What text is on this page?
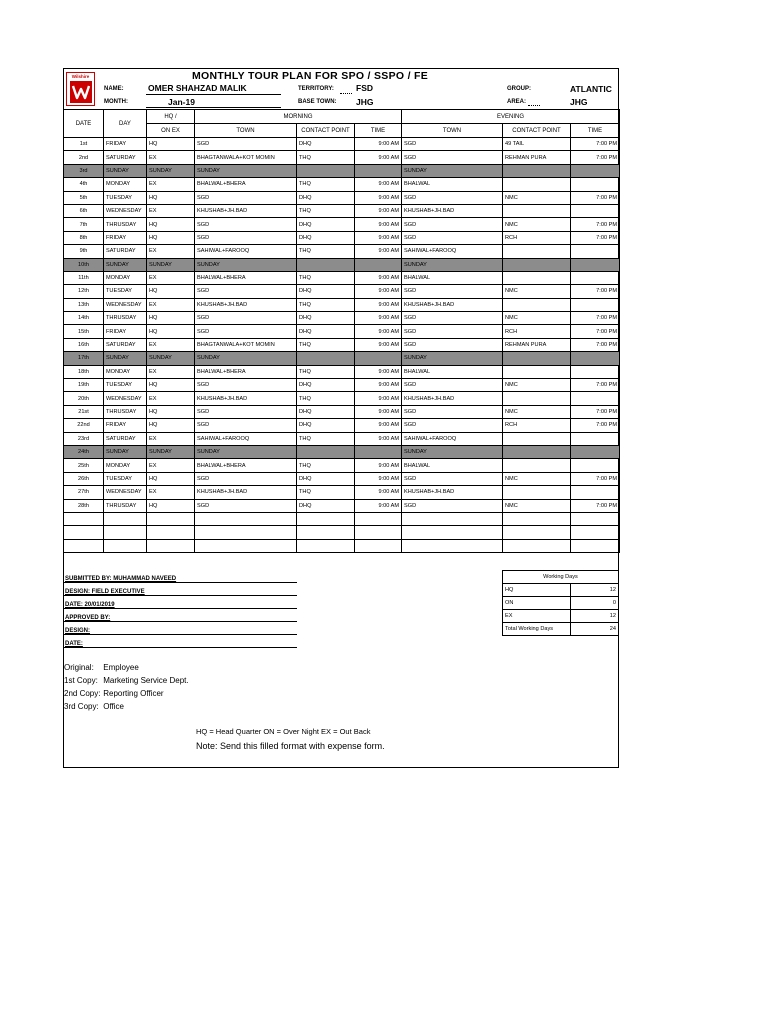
Wilshire	MONTHLY TOUR PLAN FOR SPO / SSPO / FE
NAME:	OMER SHAHZAD MALIK
MONTH:	Jan-19
TERRITORY:	FSD
BASE TOWN: JHG
GROUP:	ATLANTIC
AREA:	JHG
DATE	DAY	HQ /	MORNING			EVENING		
		ON EX	TOWN	CONTACT POINT	TIME	TOWN	CONTACT POINT	TIME
1st	FRIDAY	HQ	SGD	DHQ	9:00 AM	SGD	49 TAIL	7:00 PM
2nd	SATURDAY	EX	BHAGTANWALA+KOT MOMIN	THQ	9:00 AM	SGD	REHMAN PURA	7:00 PM
3rd	SUNDAY	SUNDAY	SUNDAY			SUNDAY		
4th	MONDAY	EX	BHALWAL+BHERA	THQ	9:00 AM	BHALWAL		
5th	TUESDAY	HQ	SGD	DHQ	9:00 AM	SGD	NMC	7:00 PM
6th	WEDNESDAY	EX	KHUSHAB+JH.BAD	THQ	9:00 AM	KHUSHAB+JH.BAD		
7th	THRUSDAY	HQ	SGD	DHQ	9:00 AM	SGD	NMC	7:00 PM
8th	FRIDAY	HQ	SGD	DHQ	9:00 AM	SGD	RCH	7:00 PM
9th	SATURDAY	EX	SAHIWAL+FAROOQ	THQ	9:00 AM	SAHIWAL+FAROOQ		
10th	SUNDAY	SUNDAY	SUNDAY			SUNDAY		
11th	MONDAY	EX	BHALWAL+BHERA	THQ	9:00 AM	BHALWAL		
12th	TUESDAY	HQ	SGD	DHQ	9:00 AM	SGD	NMC	7:00 PM
13th	WEDNESDAY	EX	KHUSHAB+JH.BAD	THQ	9:00 AM	KHUSHAB+JH.BAD		
14th	THRUSDAY	HQ	SGD	DHQ	9:00 AM	SGD	NMC	7:00 PM
15th	FRIDAY	HQ	SGD	DHQ	9:00 AM	SGD	RCH	7:00 PM
16th	SATURDAY	EX	BHAGTANWALA+KOT MOMIN	THQ	9:00 AM	SGD	REHMAN PURA	7:00 PM
17th	SUNDAY	SUNDAY	SUNDAY			SUNDAY		
18th	MONDAY	EX	BHALWAL+BHERA	THQ	9:00 AM	BHALWAL		
19th	TUESDAY	HQ	SGD	DHQ	9:00 AM	SGD	NMC	7:00 PM
20th	WEDNESDAY	EX	KHUSHAB+JH.BAD	THQ	9:00 AM	KHUSHAB+JH.BAD		
21st	THRUSDAY	HQ	SGD	DHQ	9:00 AM	SGD	NMC	7:00 PM
22nd	FRIDAY	HQ	SGD	DHQ	9:00 AM	SGD	RCH	7:00 PM
23rd	SATURDAY	EX	SAHIWAL+FAROOQ	THQ	9:00 AM	SAHIWAL+FAROOQ		
24th	SUNDAY	SUNDAY	SUNDAY			SUNDAY		
25th	MONDAY	EX	BHALWAL+BHERA	THQ	9:00 AM	BHALWAL		
26th	TUESDAY	HQ	SGD	DHQ	9:00 AM	SGD	NMC	7:00 PM
27th	WEDNESDAY	EX	KHUSHAB+JH.BAD	THQ	9:00 AM	KHUSHAB+JH.BAD		
28th	THRUSDAY	HQ	SGD	DHQ	9:00 AM	SGD	NMC	7:00 PM

SUBMITTED BY: MUHAMMAD NAVEED
DESIGN: FIELD EXECUTIVE
DATE: 20/01/2019
APPROVED BY:
DESIGN:
DATE:
Working Days	
HQ	12
ON	0
EX	12
Total Working Days	24
Original: Employee
1st Copy: Marketing Service Dept.
2nd Copy: Reporting Officer
3rd Copy: Office
HQ = Head Quarter ON = Over Night EX = Out Back
Note: Send this filled format with expense form.
